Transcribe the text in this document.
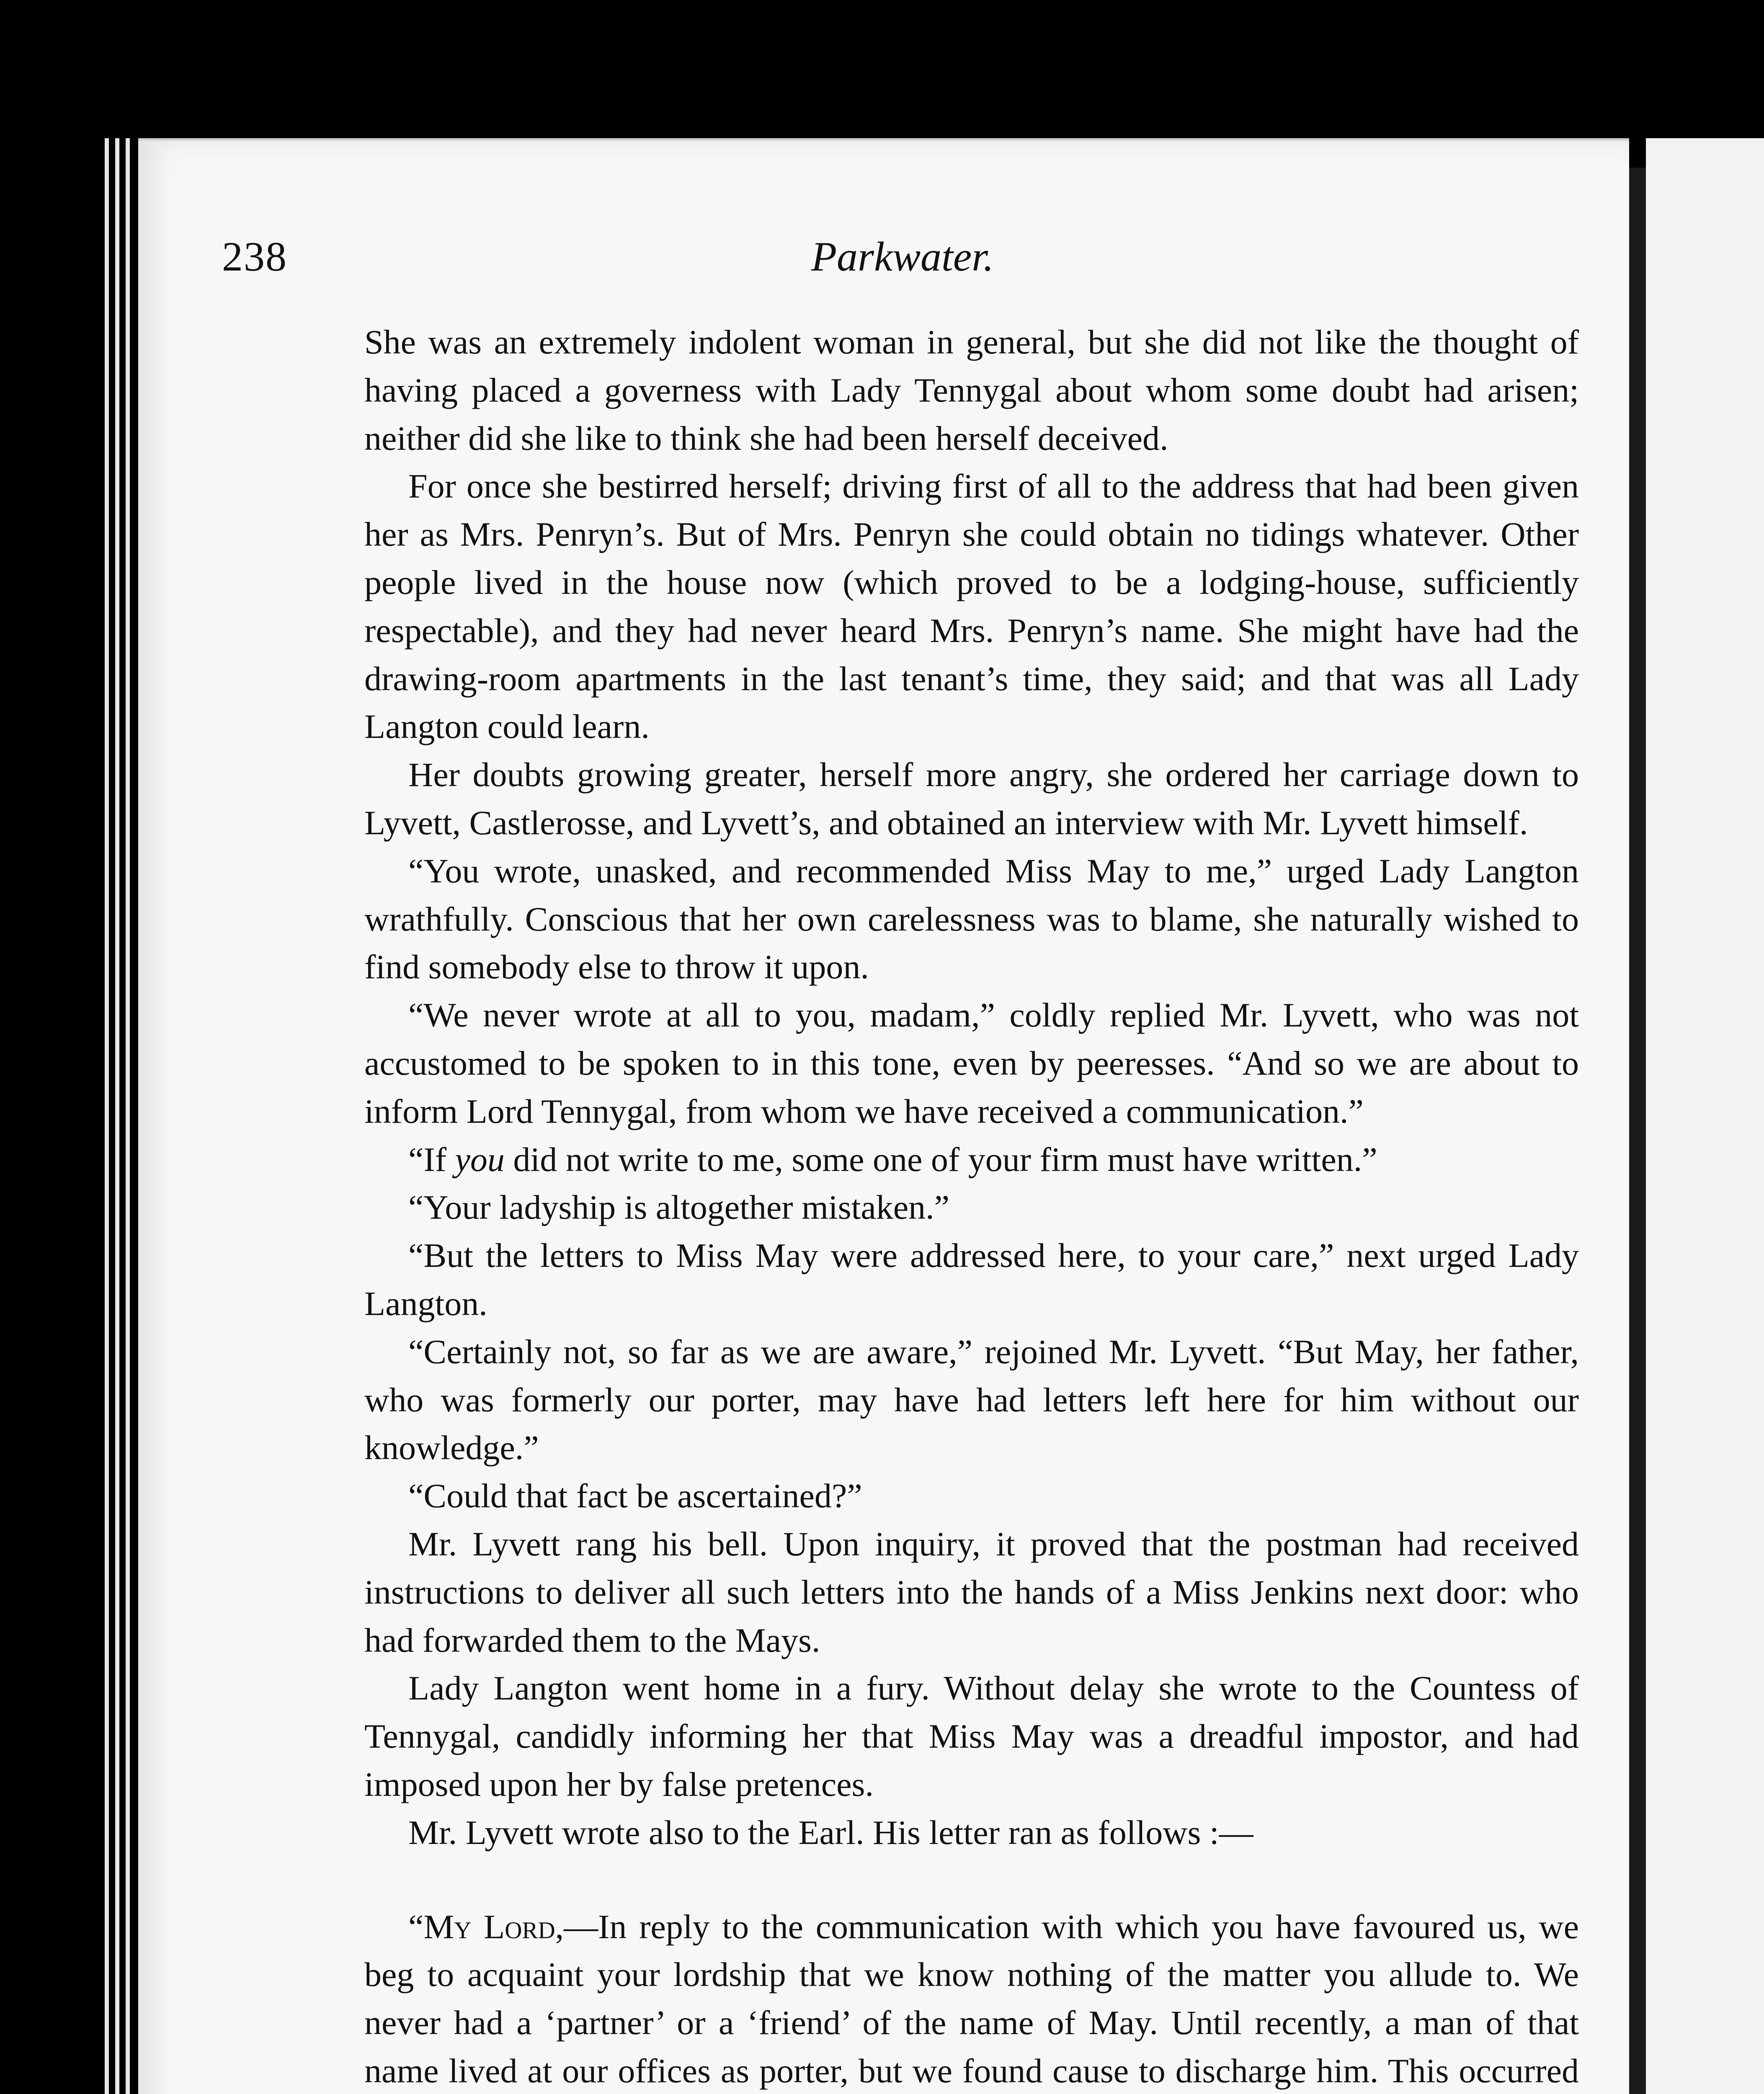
238	Parkwater.

She was an extremely indolent woman in general, but she did not like the thought of having placed a governess with Lady Tennygal about whom some doubt had arisen; neither did she like to think she had been herself deceived.

For once she bestirred herself; driving first of all to the address that had been given her as Mrs. Penryn’s. But of Mrs. Penryn she could obtain no tidings whatever. Other people lived in the house now (which proved to be a lodging-house, sufficiently respectable), and they had never heard Mrs. Penryn’s name. She might have had the drawing-room apartments in the last tenant’s time, they said; and that was all Lady Langton could learn.

Her doubts growing greater, herself more angry, she ordered her carriage down to Lyvett, Castlerosse, and Lyvett’s, and obtained an interview with Mr. Lyvett himself.

“You wrote, unasked, and recommended Miss May to me,” urged Lady Langton wrathfully. Conscious that her own carelessness was to blame, she naturally wished to find somebody else to throw it upon.

“We never wrote at all to you, madam,” coldly replied Mr. Lyvett, who was not accustomed to be spoken to in this tone, even by peeresses. “And so we are about to inform Lord Tennygal, from whom we have received a communication.”

“If you did not write to me, some one of your firm must have written.”

“Your ladyship is altogether mistaken.”

“But the letters to Miss May were addressed here, to your care,” next urged Lady Langton.

“Certainly not, so far as we are aware,” rejoined Mr. Lyvett. “But May, her father, who was formerly our porter, may have had letters left here for him without our knowledge.”

“Could that fact be ascertained?”

Mr. Lyvett rang his bell. Upon inquiry, it proved that the postman had received instructions to deliver all such letters into the hands of a Miss Jenkins next door: who had forwarded them to the Mays.

Lady Langton went home in a fury. Without delay she wrote to the Countess of Tennygal, candidly informing her that Miss May was a dreadful impostor, and had imposed upon her by false pretences.

Mr. Lyvett wrote also to the Earl. His letter ran as follows :—

“My Lord,—In reply to the communication with which you have favoured us, we beg to acquaint your lordship that we know nothing of the matter you allude to. We never had a ‘partner’ or a ‘friend’ of the name of May. Until recently, a man of that name lived at our offices as porter, but we found cause to discharge him. This occurred
